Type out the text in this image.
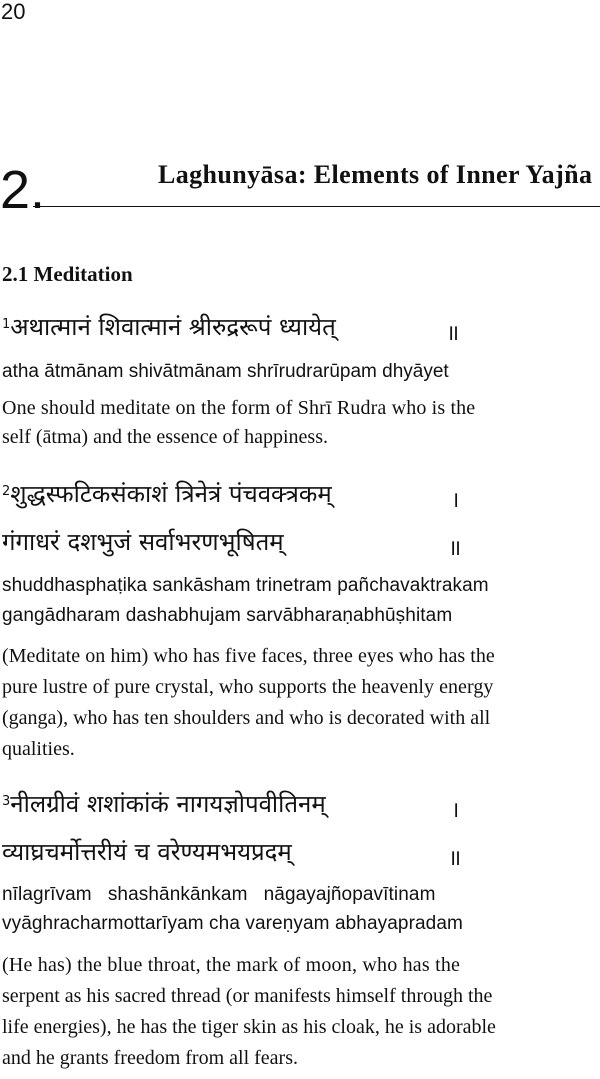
20
2.	Laghunyāsa: Elements of Inner Yajña
2.1 Meditation
$^1$अथात्मानं शिवात्मानं श्रीरुद्ररूपं ध्यायेत्	॥
atha ātmānam shivātmānam shrīrudrarūpam dhyāyet
One should meditate on the form of Shrī Rudra who is the
self (ātma) and the essence of happiness.
$^2$शुद्धस्फटिकसंकाशं त्रिनेत्रं पंचवक्त्रकम्	।
गंगाधरं दशभुजं सर्वाभरणभूषितम्	॥
shuddhasphaṭika sankāsham trinetram pañchavaktrakam
gangādharam dashabhujam sarvābharaṇabhūṣhitam
(Meditate on him) who has five faces, three eyes who has the
pure lustre of pure crystal, who supports the heavenly energy
(ganga), who has ten shoulders and who is decorated with all
qualities.
$^3$नीलग्रीवं शशांकांकं नागयज्ञोपवीतिनम्	।
व्याघ्रचर्मोत्तरीयं च वरेण्यमभयप्रदम्	॥
nīlagrīvam   shashānkānkam   nāgayajñopavītinam
vyāghracharmottarīyam cha vareṇyam abhayapradam
(He has) the blue throat, the mark of moon, who has the
serpent as his sacred thread (or manifests himself through the
life energies), he has the tiger skin as his cloak, he is adorable
and he grants freedom from all fears.
